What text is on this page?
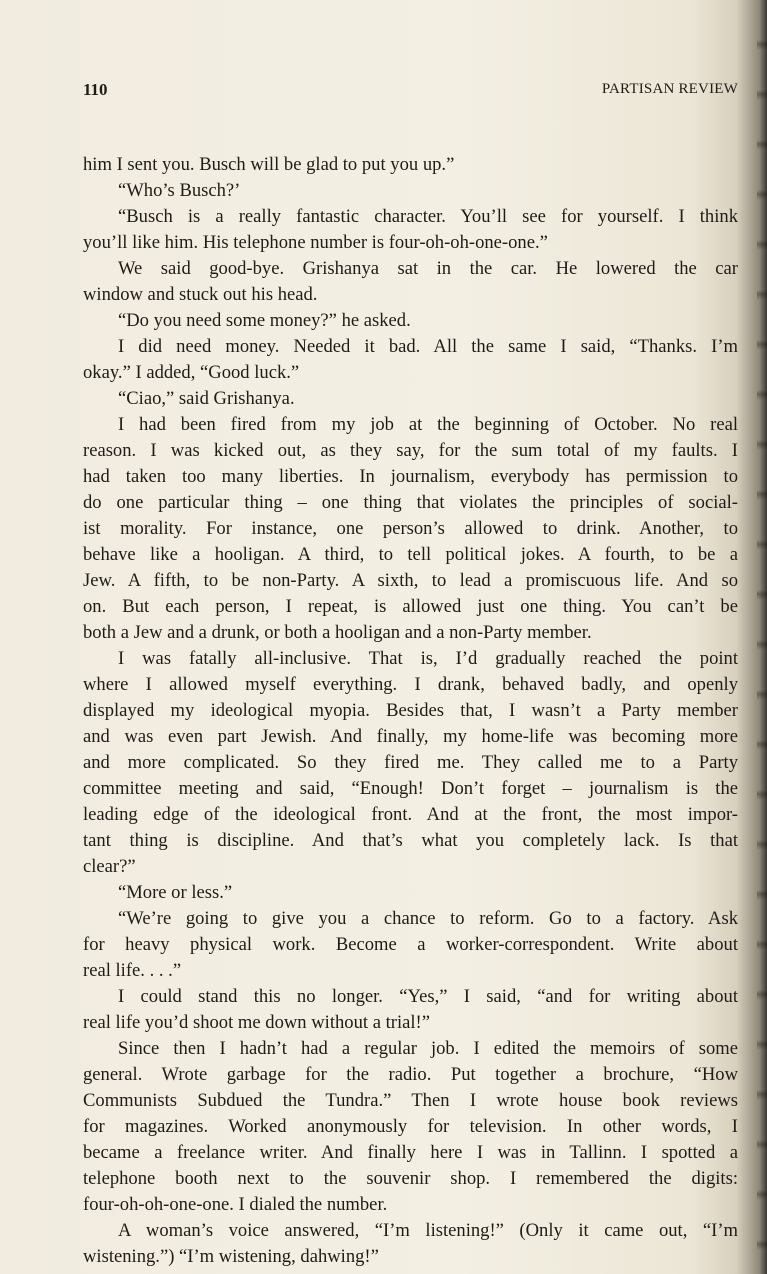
110	PARTISAN REVIEW
him I sent you. Busch will be glad to put you up.”
“Who’s Busch?’
“Busch is a really fantastic character. You’ll see for yourself. I think
you’ll like him. His telephone number is four-oh-oh-one-one.”
We said good-bye. Grishanya sat in the car. He lowered the car
window and stuck out his head.
“Do you need some money?” he asked.
I did need money. Needed it bad. All the same I said, “Thanks. I’m
okay.” I added, “Good luck.”
“Ciao,” said Grishanya.
I had been fired from my job at the beginning of October. No real
reason. I was kicked out, as they say, for the sum total of my faults. I
had taken too many liberties. In journalism, everybody has permission to
do one particular thing – one thing that violates the principles of social-
ist morality. For instance, one person’s allowed to drink. Another, to
behave like a hooligan. A third, to tell political jokes. A fourth, to be a
Jew. A fifth, to be non-Party. A sixth, to lead a promiscuous life. And so
on. But each person, I repeat, is allowed just one thing. You can’t be
both a Jew and a drunk, or both a hooligan and a non-Party member.
I was fatally all-inclusive. That is, I’d gradually reached the point
where I allowed myself everything. I drank, behaved badly, and openly
displayed my ideological myopia. Besides that, I wasn’t a Party member
and was even part Jewish. And finally, my home-life was becoming more
and more complicated. So they fired me. They called me to a Party
committee meeting and said, “Enough! Don’t forget – journalism is the
leading edge of the ideological front. And at the front, the most impor-
tant thing is discipline. And that’s what you completely lack. Is that
clear?”
“More or less.”
“We’re going to give you a chance to reform. Go to a factory. Ask
for heavy physical work. Become a worker-correspondent. Write about
real life. . . .”
I could stand this no longer. “Yes,” I said, “and for writing about
real life you’d shoot me down without a trial!”
Since then I hadn’t had a regular job. I edited the memoirs of some
general. Wrote garbage for the radio. Put together a brochure, “How
Communists Subdued the Tundra.” Then I wrote house book reviews
for magazines. Worked anonymously for television. In other words, I
became a freelance writer. And finally here I was in Tallinn. I spotted a
telephone booth next to the souvenir shop. I remembered the digits:
four-oh-oh-one-one. I dialed the number.
A woman’s voice answered, “I’m listening!” (Only it came out, “I’m
wistening.”) “I’m wistening, dahwing!”
